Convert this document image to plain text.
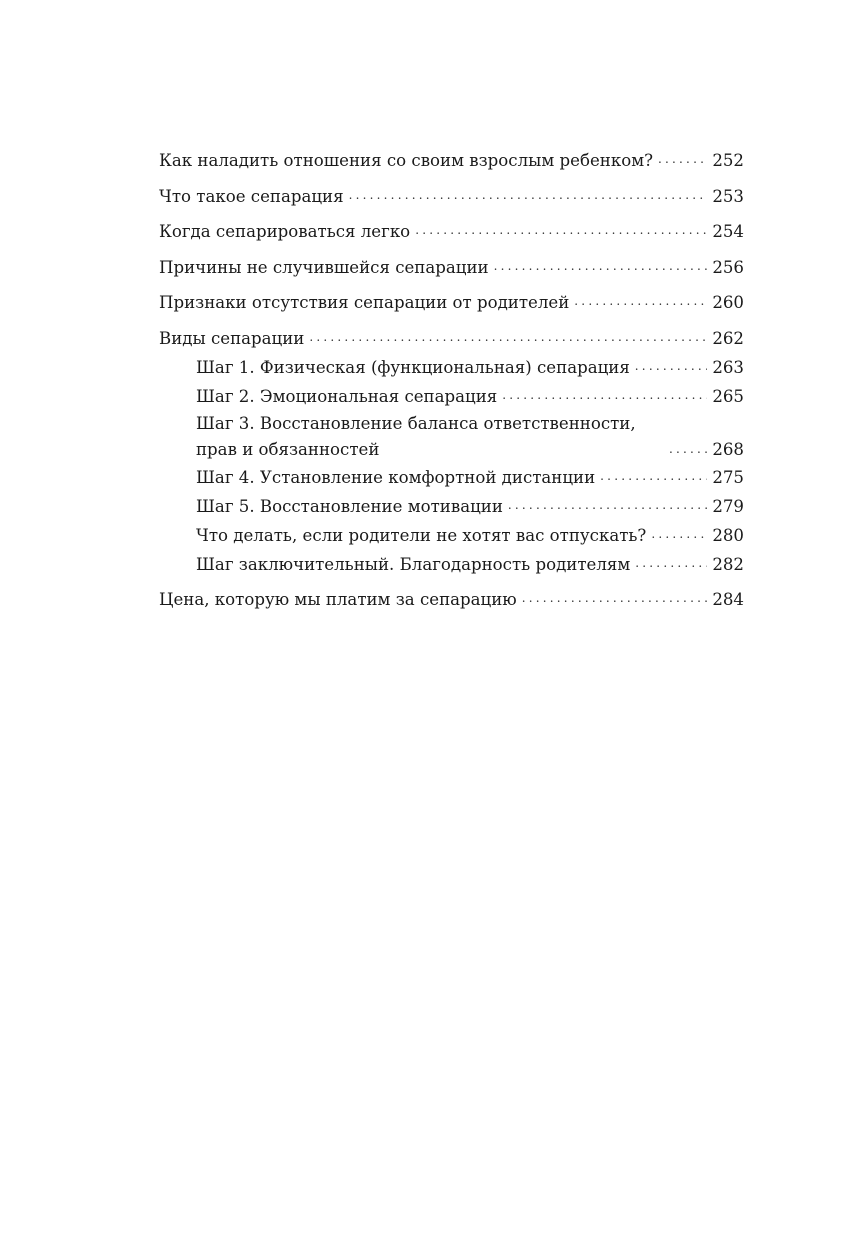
Как наладить отношения со своим взрослым ребенком? .....	252
Что такое сепарация .....	253
Когда сепарироваться легко .....	254
Причины не случившейся сепарации .....	256
Признаки отсутствия сепарации от родителей .....	260
Виды сепарации .....	262
Шаг 1. Физическая (функциональная) сепарация .....	263
Шаг 2. Эмоциональная сепарация .....	265
Шаг 3. Восстановление баланса ответственности, прав и обязанностей .....	268
Шаг 4. Установление комфортной дистанции .....	275
Шаг 5. Восстановление мотивации .....	279
Что делать, если родители не хотят вас отпускать? .....	280
Шаг заключительный. Благодарность родителям .....	282
Цена, которую мы платим за сепарацию .....	284
